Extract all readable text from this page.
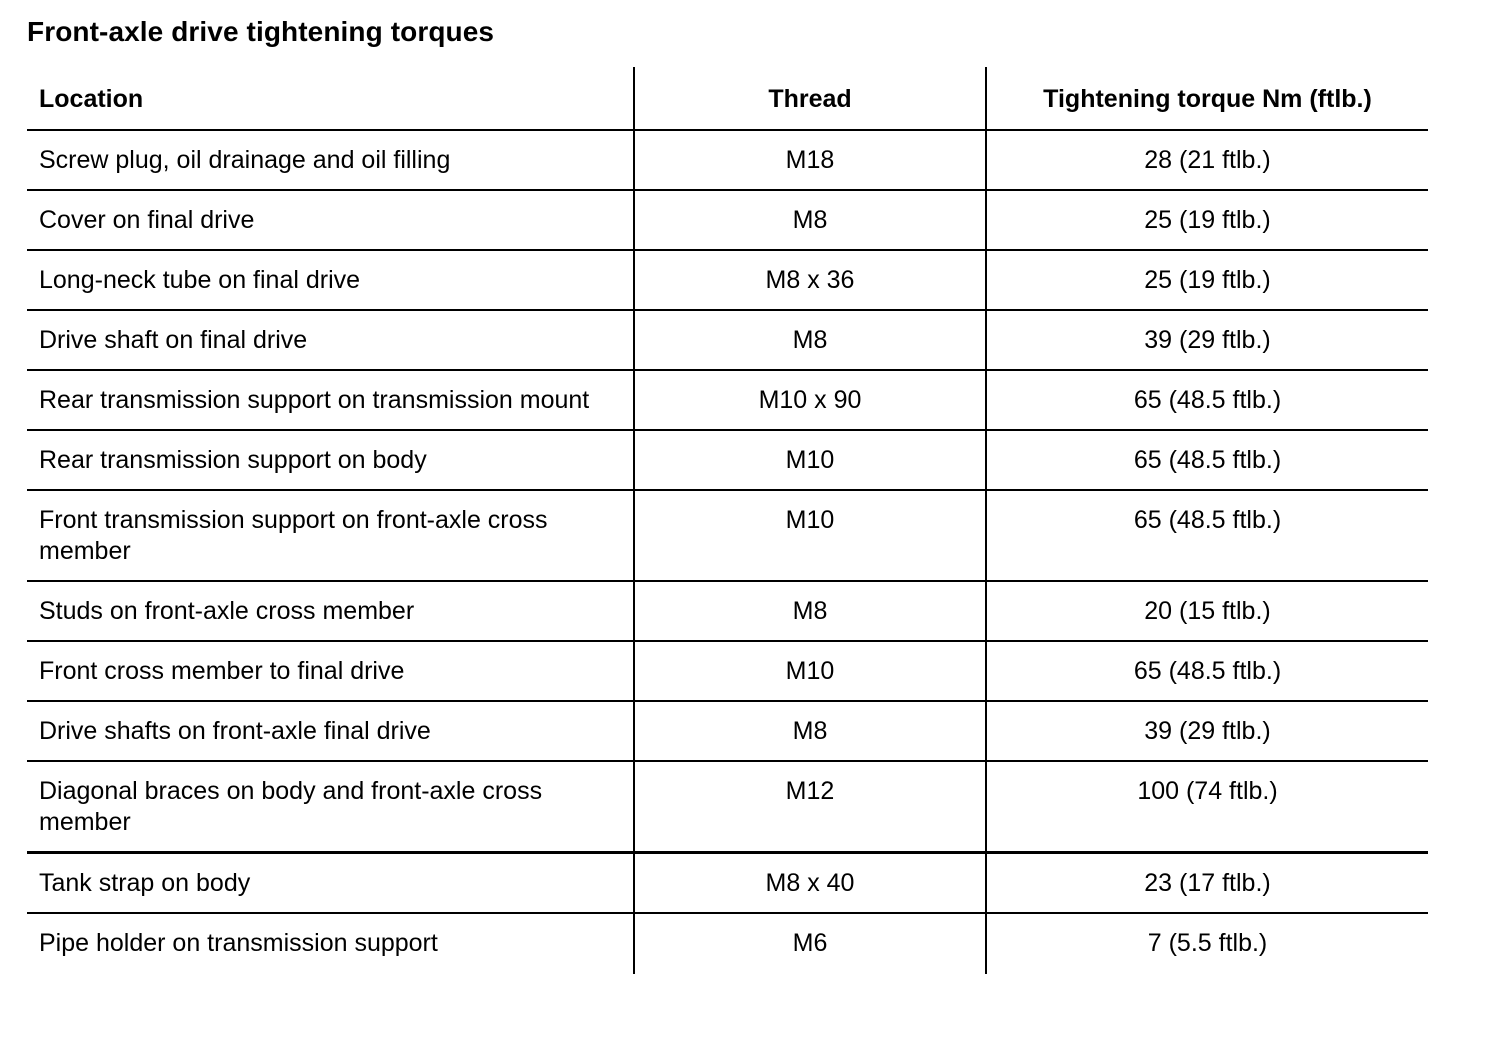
Front-axle drive tightening torques
Location	Thread	Tightening torque Nm (ftlb.)
Screw plug, oil drainage and oil filling	M18	28 (21 ftlb.)
Cover on final drive	M8	25 (19 ftlb.)
Long-neck tube on final drive	M8 x 36	25 (19 ftlb.)
Drive shaft on final drive	M8	39 (29 ftlb.)
Rear transmission support on transmission mount	M10 x 90	65 (48.5 ftlb.)
Rear transmission support on body	M10	65 (48.5 ftlb.)
Front transmission support on front-axle cross member	M10	65 (48.5 ftlb.)
Studs on front-axle cross member	M8	20 (15 ftlb.)
Front cross member to final drive	M10	65 (48.5 ftlb.)
Drive shafts on front-axle final drive	M8	39 (29 ftlb.)
Diagonal braces on body and front-axle cross member	M12	100 (74 ftlb.)
Tank strap on body	M8 x 40	23 (17 ftlb.)
Pipe holder on transmission support	M6	7 (5.5 ftlb.)
